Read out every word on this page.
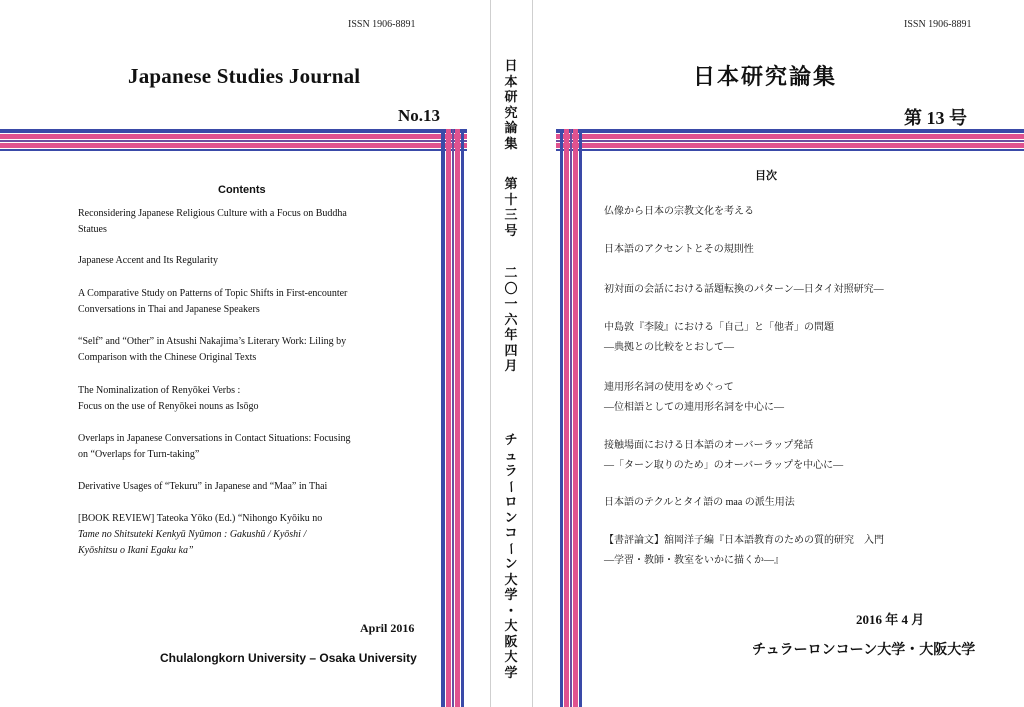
ISSN 1906-8891
Japanese Studies Journal
No.13
Contents
Reconsidering Japanese Religious Culture with a Focus on Buddha
Statues
Japanese Accent and Its Regularity
A Comparative Study on Patterns of Topic Shifts in First-encounter
Conversations in Thai and Japanese Speakers
“Self” and “Other” in Atsushi Nakajima’s Literary Work: Liling by
Comparison with the Chinese Original Texts
The Nominalization of Renyōkei Verbs :
Focus on the use of Renyōkei nouns as Isōgo
Overlaps in Japanese Conversations in Contact Situations: Focusing
on “Overlaps for Turn-taking”
Derivative Usages of “Tekuru” in Japanese and “Maa” in Thai
[BOOK REVIEW] Tateoka Yōko (Ed.) “Nihongo Kyōiku no
Tame no Shitsuteki Kenkyū Nyūmon : Gakushū / Kyōshi /
Kyōshitsu o Ikani Egaku ka”
April 2016
Chulalongkorn University – Osaka University
日
本
研
究
論
集
第
十
三
号
二
〇
一
六
年
四
月
チ
ュ
ラ
ー
ロ
ン
コ
ー
ン
大
学
・
大
阪
大
学
ISSN 1906-8891
日本研究論集
第 13 号
目次
仏像から日本の宗教文化を考える
日本語のアクセントとその規則性
初対面の会話における話題転換のパターン―日タイ対照研究―
中島敦『李陵』における「自己」と「他者」の問題
―典拠との比較をとおして―
連用形名詞の使用をめぐって
―位相語としての連用形名詞を中心に―
接触場面における日本語のオーバーラップ発話
―「ターン取りのため」のオーバーラップを中心に―
日本語のテクルとタイ語の maa の派生用法
【書評論文】舘岡洋子編『日本語教育のための質的研究　入門
―学習・教師・教室をいかに描くか―』
2016 年 4 月
チュラーロンコーン大学・大阪大学
